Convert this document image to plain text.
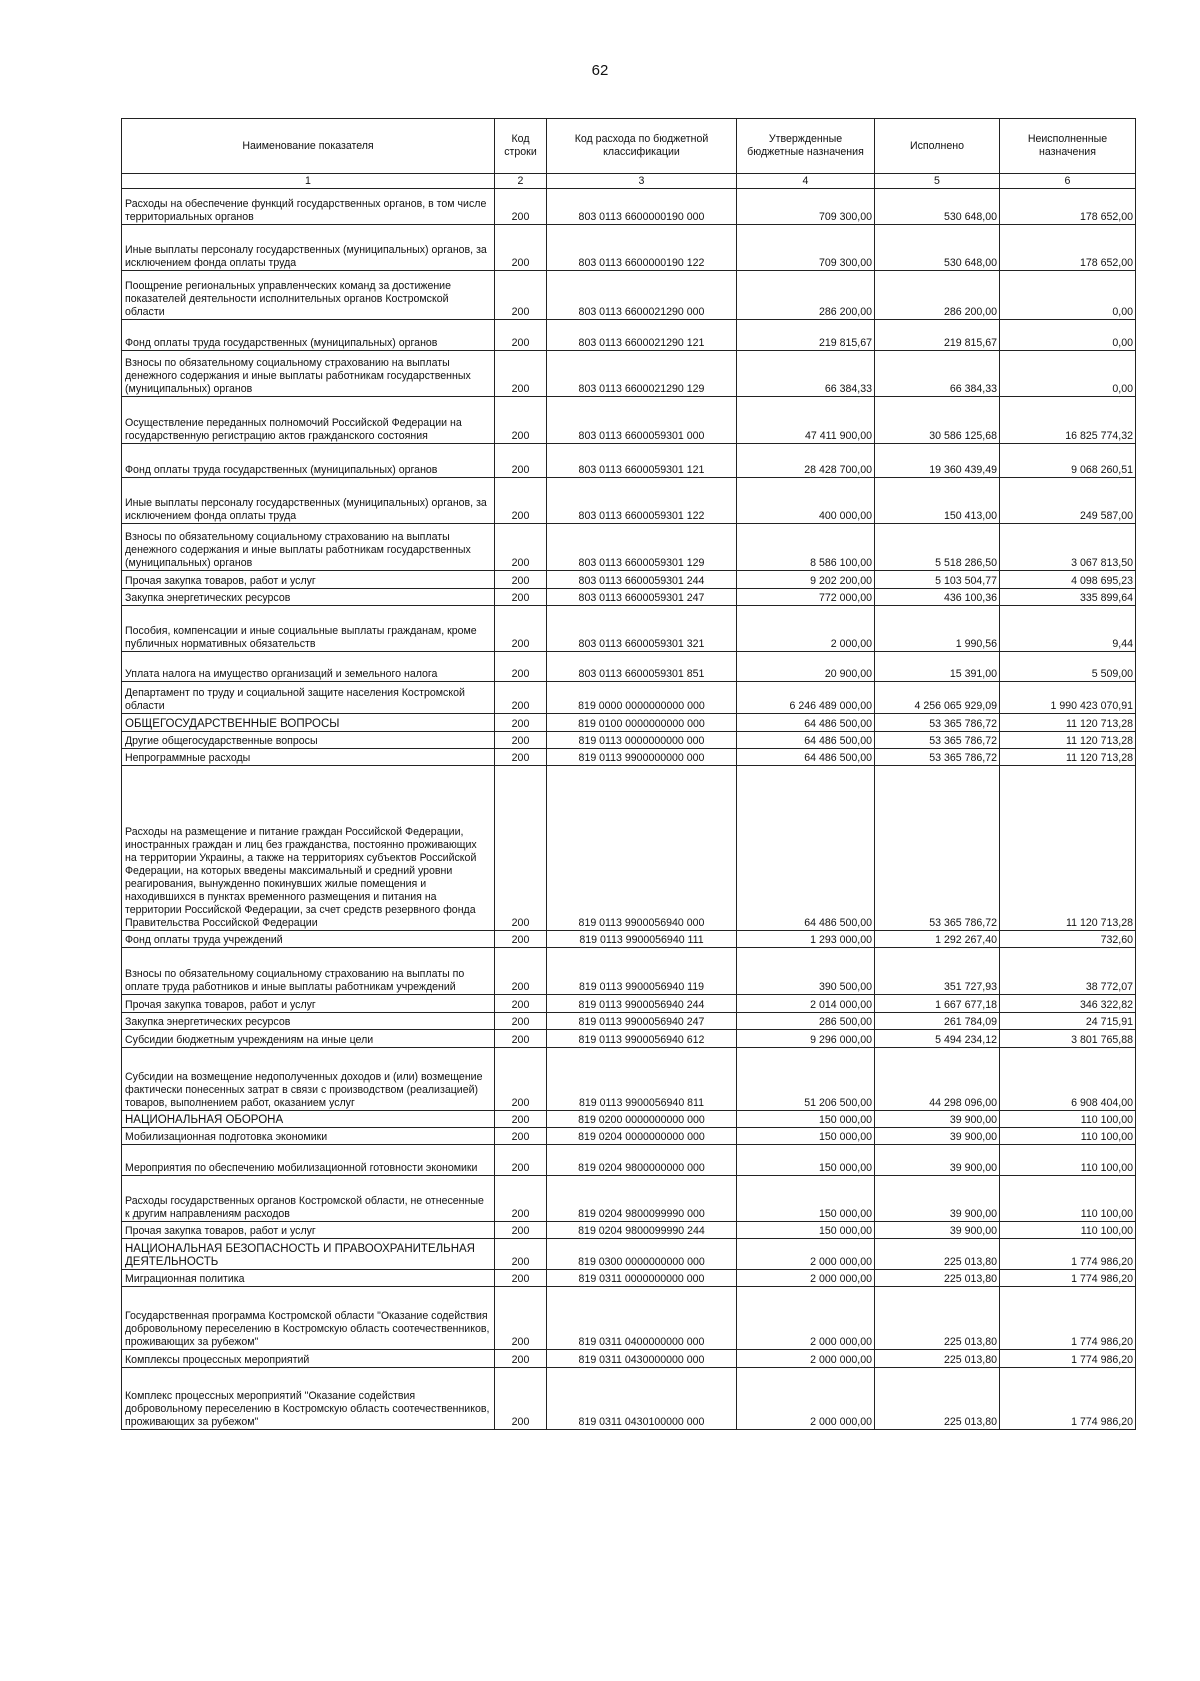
62
Наименование показателя	Код строки	Код расхода по бюджетной классификации	Утвержденные бюджетные назначения	Исполнено	Неисполненные назначения
1	2	3	4	5	6
Расходы на обеспечение функций государственных органов, в том числе территориальных органов	200	803 0113 6600000190 000	709 300,00	530 648,00	178 652,00
Иные выплаты персоналу государственных (муниципальных) органов, за исключением фонда оплаты труда	200	803 0113 6600000190 122	709 300,00	530 648,00	178 652,00
Поощрение региональных управленческих команд за достижение показателей деятельности исполнительных органов Костромской области	200	803 0113 6600021290 000	286 200,00	286 200,00	0,00
Фонд оплаты труда государственных (муниципальных) органов	200	803 0113 6600021290 121	219 815,67	219 815,67	0,00
Взносы по обязательному социальному страхованию на выплаты денежного содержания и иные выплаты работникам государственных (муниципальных) органов	200	803 0113 6600021290 129	66 384,33	66 384,33	0,00
Осуществление переданных полномочий Российской Федерации на государственную регистрацию актов гражданского состояния	200	803 0113 6600059301 000	47 411 900,00	30 586 125,68	16 825 774,32
Фонд оплаты труда государственных (муниципальных) органов	200	803 0113 6600059301 121	28 428 700,00	19 360 439,49	9 068 260,51
Иные выплаты персоналу государственных (муниципальных) органов, за исключением фонда оплаты труда	200	803 0113 6600059301 122	400 000,00	150 413,00	249 587,00
Взносы по обязательному социальному страхованию на выплаты денежного содержания и иные выплаты работникам государственных (муниципальных) органов	200	803 0113 6600059301 129	8 586 100,00	5 518 286,50	3 067 813,50
Прочая закупка товаров, работ и услуг	200	803 0113 6600059301 244	9 202 200,00	5 103 504,77	4 098 695,23
Закупка энергетических ресурсов	200	803 0113 6600059301 247	772 000,00	436 100,36	335 899,64
Пособия, компенсации и иные социальные выплаты гражданам, кроме публичных нормативных обязательств	200	803 0113 6600059301 321	2 000,00	1 990,56	9,44
Уплата налога на имущество организаций и земельного налога	200	803 0113 6600059301 851	20 900,00	15 391,00	5 509,00
Департамент по труду и социальной защите населения Костромской области	200	819 0000 0000000000 000	6 246 489 000,00	4 256 065 929,09	1 990 423 070,91
ОБЩЕГОСУДАРСТВЕННЫЕ ВОПРОСЫ	200	819 0100 0000000000 000	64 486 500,00	53 365 786,72	11 120 713,28
Другие общегосударственные вопросы	200	819 0113 0000000000 000	64 486 500,00	53 365 786,72	11 120 713,28
Непрограммные расходы	200	819 0113 9900000000 000	64 486 500,00	53 365 786,72	11 120 713,28
Расходы на размещение и питание граждан Российской Федерации, иностранных граждан и лиц без гражданства, постоянно проживающих на территории Украины, а также на территориях субъектов Российской Федерации, на которых введены максимальный и средний уровни реагирования, вынужденно покинувших жилые помещения и находившихся в пунктах временного размещения и питания на территории Российской Федерации, за счет средств резервного фонда Правительства Российской Федерации	200	819 0113 9900056940 000	64 486 500,00	53 365 786,72	11 120 713,28
Фонд оплаты труда учреждений	200	819 0113 9900056940 111	1 293 000,00	1 292 267,40	732,60
Взносы по обязательному социальному страхованию на выплаты по оплате труда работников и иные выплаты работникам учреждений	200	819 0113 9900056940 119	390 500,00	351 727,93	38 772,07
Прочая закупка товаров, работ и услуг	200	819 0113 9900056940 244	2 014 000,00	1 667 677,18	346 322,82
Закупка энергетических ресурсов	200	819 0113 9900056940 247	286 500,00	261 784,09	24 715,91
Субсидии бюджетным учреждениям на иные цели	200	819 0113 9900056940 612	9 296 000,00	5 494 234,12	3 801 765,88
Субсидии на возмещение недополученных доходов и (или) возмещение фактически понесенных затрат в связи с производством (реализацией) товаров, выполнением работ, оказанием услуг	200	819 0113 9900056940 811	51 206 500,00	44 298 096,00	6 908 404,00
НАЦИОНАЛЬНАЯ ОБОРОНА	200	819 0200 0000000000 000	150 000,00	39 900,00	110 100,00
Мобилизационная подготовка экономики	200	819 0204 0000000000 000	150 000,00	39 900,00	110 100,00
Мероприятия по обеспечению мобилизационной готовности экономики	200	819 0204 9800000000 000	150 000,00	39 900,00	110 100,00
Расходы государственных органов Костромской области, не отнесенные к другим направлениям расходов	200	819 0204 9800099990 000	150 000,00	39 900,00	110 100,00
Прочая закупка товаров, работ и услуг	200	819 0204 9800099990 244	150 000,00	39 900,00	110 100,00
НАЦИОНАЛЬНАЯ БЕЗОПАСНОСТЬ И ПРАВООХРАНИТЕЛЬНАЯ ДЕЯТЕЛЬНОСТЬ	200	819 0300 0000000000 000	2 000 000,00	225 013,80	1 774 986,20
Миграционная политика	200	819 0311 0000000000 000	2 000 000,00	225 013,80	1 774 986,20
Государственная программа Костромской области "Оказание содействия добровольному переселению в Костромскую область соотечественников, проживающих за рубежом"	200	819 0311 0400000000 000	2 000 000,00	225 013,80	1 774 986,20
Комплексы процессных мероприятий	200	819 0311 0430000000 000	2 000 000,00	225 013,80	1 774 986,20
Комплекс процессных мероприятий "Оказание содействия добровольному переселению в Костромскую область соотечественников, проживающих за рубежом"	200	819 0311 0430100000 000	2 000 000,00	225 013,80	1 774 986,20
